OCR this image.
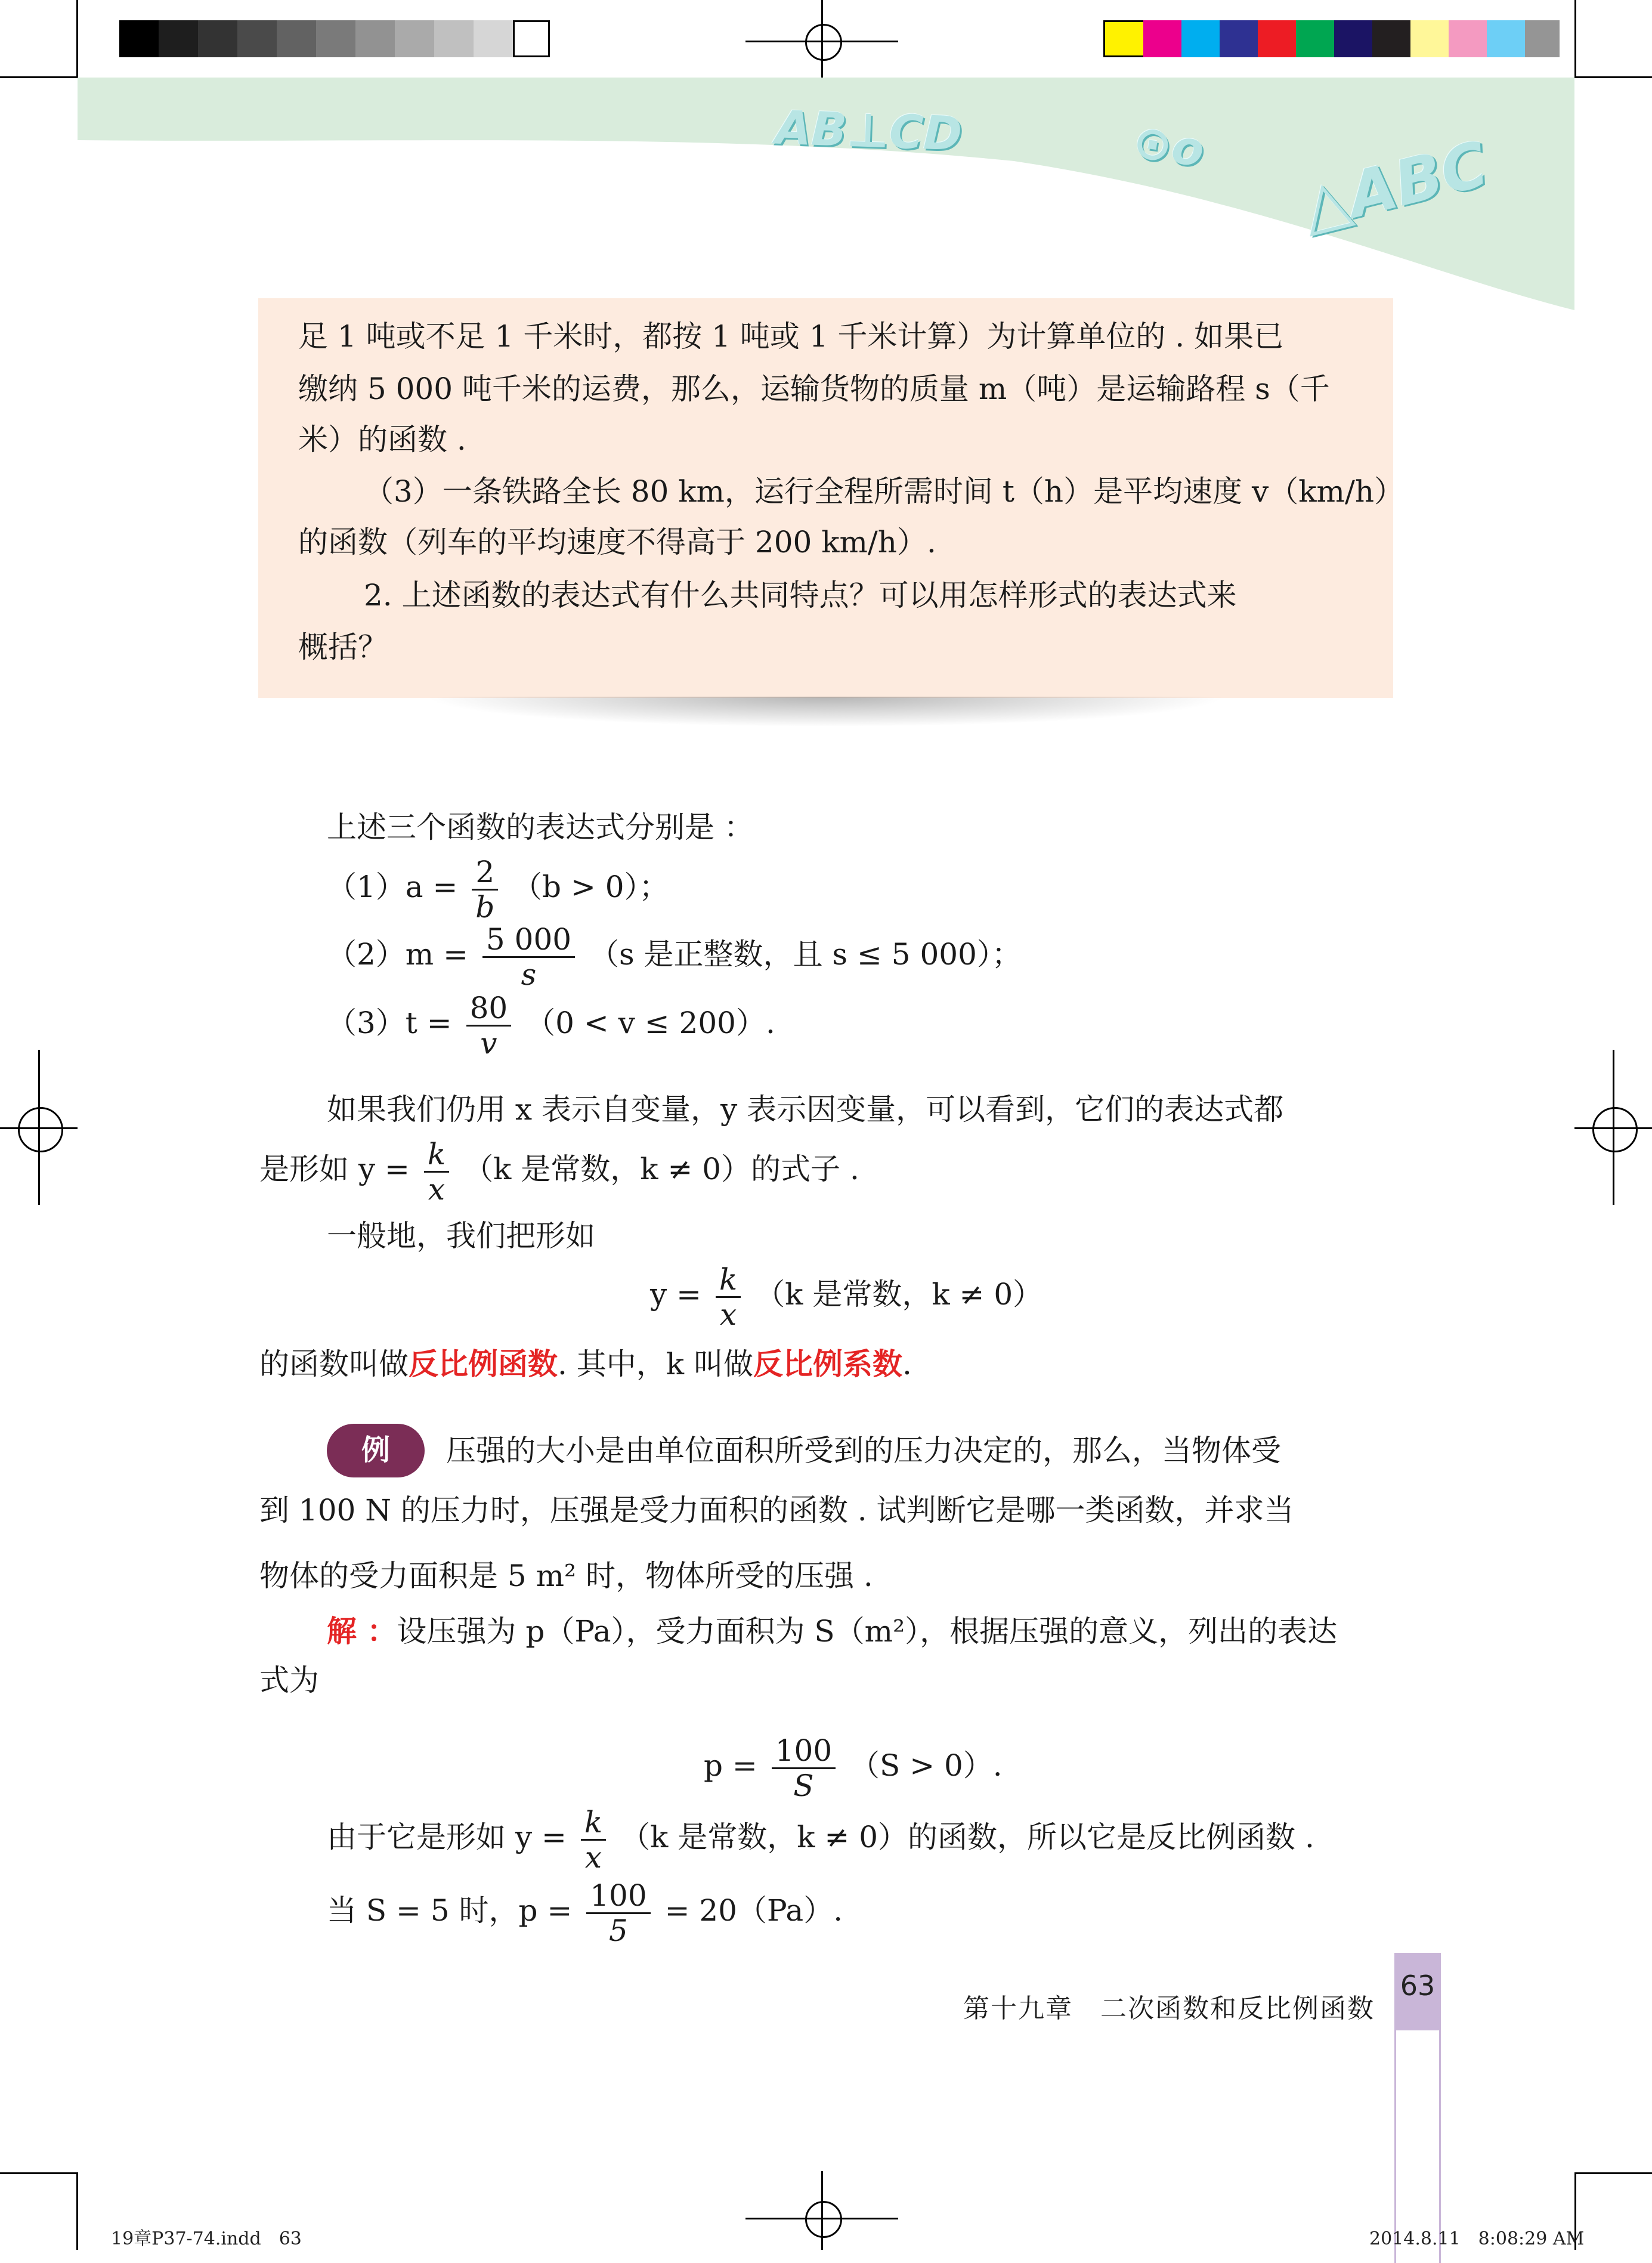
AB⊥CD	⊙o △ABC
足 1 吨或不足 1 千米时，都按 1 吨或 1 千米计算）为计算单位的 . 如果已
缴纳 5 000 吨千米的运费，那么，运输货物的质量 m（吨）是运输路程 s（千
米）的函数 .
（3）一条铁路全长 80 km，运行全程所需时间 t（h）是平均速度 v（km/h）
的函数（列车的平均速度不得高于 200 km/h）.
2. 上述函数的表达式有什么共同特点？可以用怎样形式的表达式来
概括？
上述三个函数的表达式分别是 ：
$(1)a = \frac{2}{b} (b > 0)$；
$(2)m = \frac{5 000}{s} (s$ 是正整数，且 s ≤ 5 000）；
$(3)t = \frac{80}{v} (0 < v \le 200)$.
如果我们仍用 x 表示自变量，y 表示因变量，可以看到，它们的表达式都
是形如 $y = \frac{k}{x} (k$ 是常数，k ≠ 0）的式子 .
一般地，我们把形如
$y = \frac{k}{x} (k$ 是常数，k ≠ 0）
的函数叫做反比例函数. 其中，k 叫做反比例系数.
例	压强的大小是由单位面积所受到的压力决定的，那么，当物体受
到 100 N 的压力时，压强是受力面积的函数 . 试判断它是哪一类函数，并求当
物体的受力面积是 5 m² 时，物体所受的压强 .
解 ：设压强为 p（Pa），受力面积为 S（m²），根据压强的意义，列出的表达
式为
$p = \frac{100}{S} (S > 0)$.
由于它是形如 $y = \frac{k}{x} (k$ 是常数，k ≠ 0）的函数，所以它是反比例函数 .
当 S = 5 时，$p = \frac{100}{5} = 20(Pa)$.
63
第十九章　二次函数和反比例函数
19章P37-74.indd　63	2014.8.11　8:08:29 AM
